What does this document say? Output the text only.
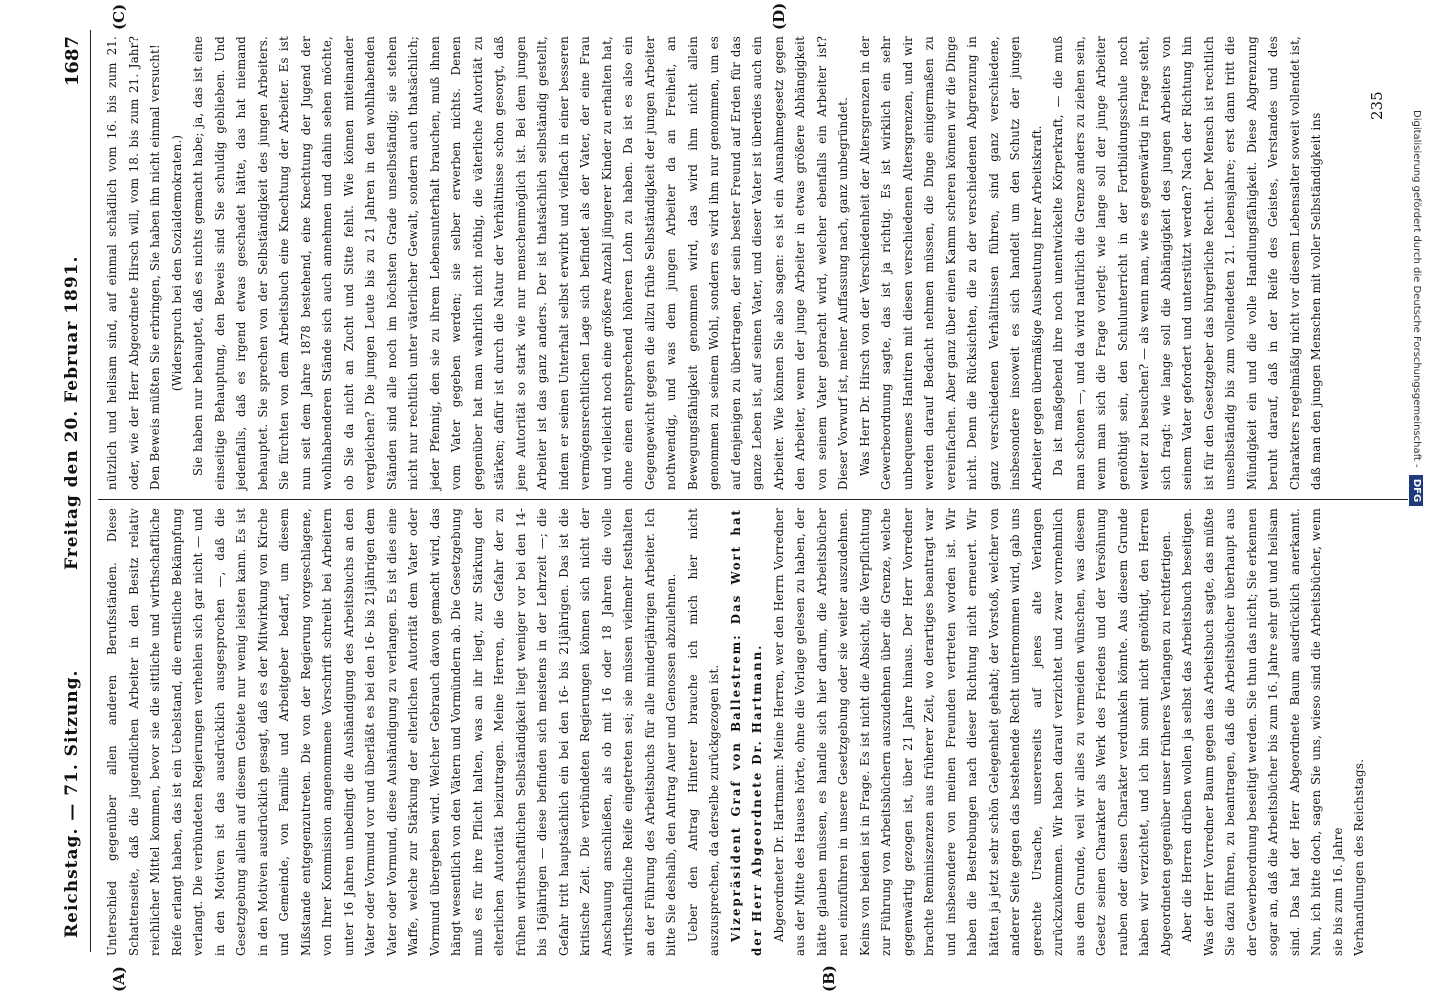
Reichstag. — 71. Sitzung.
Freitag den 20. Februar 1891.
1687
(A)	(B)
(C)	(D)

Unterschied gegenüber allen anderen Berufsständen. Diese Schattenseite, daß die jugendlichen Arbeiter in den Besitz relativ reichlicher Mittel kommen, bevor sie die sittliche und wirthschaftliche Reife erlangt haben, das ist ein Uebelstand, die ernstliche Bekämpfung verlangt. Die verbündeten Regierungen verhehlen sich gar nicht — und in den Motiven ist das ausdrücklich ausgesprochen —, daß die Gesetzgebung allein auf diesem Gebiete nur wenig leisten kann. Es ist in den Motiven ausdrücklich gesagt, daß es der Mitwirkung von Kirche und Gemeinde, von Familie und Arbeitgeber bedarf, um diesem Mißstande entgegenzutreten. Die von der Regierung vorgeschlagene, von Ihrer Kommission angenommene Vorschrift schreibt bei Arbeitern unter 16 Jahren unbedingt die Aushändigung des Arbeitsbuchs an den Vater oder Vormund vor und überläßt es bei den 16- bis 21jährigen dem Vater oder Vormund, diese Aushändigung zu verlangen. Es ist dies eine Waffe, welche zur Stärkung der elterlichen Autorität dem Vater oder Vormund übergeben wird. Welcher Gebrauch davon gemacht wird, das hängt wesentlich von den Vätern und Vormündern ab. Die Gesetzgebung muß es für ihre Pflicht halten, was an ihr liegt, zur Stärkung der elterlichen Autorität beizutragen. Meine Herren, die Gefahr der zu frühen wirthschaftlichen Selbständigkeit liegt weniger vor bei den 14- bis 16jährigen — diese befinden sich meistens in der Lehrzeit —; die Gefahr tritt hauptsächlich ein bei den 16- bis 21jährigen. Das ist die kritische Zeit. Die verbündeten Regierungen können sich nicht der Anschauung anschließen, als ob mit 16 oder 18 Jahren die volle wirthschaftliche Reife eingetreten sei; sie müssen vielmehr festhalten an der Führung des Arbeitsbuchs für alle minderjährigen Arbeiter. Ich bitte Sie deshalb, den Antrag Auer und Genossen abzulehnen. Ueber den Antrag Hinterer brauche ich mich hier nicht auszusprechen, da derselbe zurückgezogen ist. Vizepräsident Graf von Ballestrem: Das Wort hat der Herr Abgeordnete Dr. Hartmann. Abgeordneter Dr. Hartmann: Meine Herren, wer den Herrn Vorredner aus der Mitte des Hauses hörte, ohne die Vorlage gelesen zu haben, der hätte glauben müssen, es handle sich hier darum, die Arbeitsbücher neu einzuführen in unsere Gesetzgebung oder sie weiter auszudehnen. Keins von beiden ist in Frage. Es ist nicht die Absicht, die Verpflichtung zur Führung von Arbeitsbüchern auszudehnen über die Grenze, welche gegenwärtig gezogen ist, über 21 Jahre hinaus. Der Herr Vorredner brachte Reminiszenzen aus früherer Zeit, wo derartiges beantragt war und insbesondere von meinen Freunden vertreten worden ist. Wir haben die Bestrebungen nach dieser Richtung nicht erneuert. Wir hätten ja jetzt sehr schön Gelegenheit gehabt; der Vorstoß, welcher von anderer Seite gegen das bestehende Recht unternommen wird, gab uns gerechte Ursache, unsererseits auf jenes alte Verlangen zurückzukommen. Wir haben darauf verzichtet und zwar vornehmlich aus dem Grunde, weil wir alles zu vermeiden wünschen, was diesem Gesetz seinen Charakter als Werk des Friedens und der Versöhnung rauben oder diesen Charakter verdunkeln könnte. Aus diesem Grunde haben wir verzichtet, und ich bin somit nicht genöthigt, den Herren Abgeordneten gegenüber unser früheres Verlangen zu rechtfertigen. Aber die Herren drüben wollen ja selbst das Arbeitsbuch beseitigen. Was der Herr Vorredner Baum gegen das Arbeitsbuch sagte, das müßte Sie dazu führen, zu beantragen, daß die Arbeitsbücher überhaupt aus der Gewerbeordnung beseitigt werden. Sie thun das nicht; Sie erkennen sogar an, daß die Arbeitsbücher bis zum 16. Jahre sehr gut und heilsam sind. Das hat der Herr Abgeordnete Baum ausdrücklich anerkannt. Nun, ich bitte doch, sagen Sie uns, wieso sind die Arbeitsbücher, wenn sie bis zum 16. Jahre Verhandlungen des Reichstags.

nützlich und heilsam sind, auf einmal schädlich vom 16. bis zum 21. oder, wie der Herr Abgeordnete Hirsch will, vom 18. bis zum 21. Jahr? Den Beweis müßten Sie erbringen, Sie haben ihn nicht einmal versucht! (Widerspruch bei den Sozialdemokraten.) Sie haben nur behauptet, daß es nichts gemacht habe; ja, das ist eine einseitige Behauptung, den Beweis sind Sie schuldig geblieben. Und jedenfalls, daß es irgend etwas geschadet hätte, das hat niemand behauptet. Sie sprechen von der Selbständigkeit des jungen Arbeiters. Sie fürchten von dem Arbeitsbuch eine Knechtung der Arbeiter. Es ist nun seit dem Jahre 1878 bestehend, eine Knechtung der Jugend der wohlhabenderen Stände sich auch annehmen und dahin sehen möchte, ob Sie da nicht an Zucht und Sitte fehlt. Wie können miteinander vergleichen? Die jungen Leute bis zu 21 Jahren in den wohlhabenden Ständen sind alle noch im höchsten Grade unselbständig; sie stehen nicht nur rechtlich unter väterlicher Gewalt, sondern auch thatsächlich; jeder Pfennig, den sie zu ihrem Lebensunterhalt brauchen, muß ihnen vom Vater gegeben werden; sie selber erwerben nichts. Denen gegenüber hat man wahrlich nicht nöthig, die väterliche Autorität zu stärken; dafür ist durch die Natur der Verhältnisse schon gesorgt, daß jene Autorität so stark wie nur menschenmöglich ist. Bei dem jungen Arbeiter ist das ganz anders. Der ist thatsächlich selbständig gestellt, indem er seinen Unterhalt selbst erwirbt und vielfach in einer besseren vermögensrechtlichen Lage sich befindet als der Vater, der eine Frau und vielleicht noch eine größere Anzahl jüngerer Kinder zu erhalten hat, ohne einen entsprechend höheren Lohn zu haben. Da ist es also ein Gegengewicht gegen die allzu frühe Selbständigkeit der jungen Arbeiter nothwendig, und was dem jungen Arbeiter da an Freiheit, an Bewegungsfähigkeit genommen wird, das wird ihm nicht allein genommen zu seinem Wohl, sondern es wird ihm nur genommen, um es auf denjenigen zu übertragen, der sein bester Freund auf Erden für das ganze Leben ist, auf seinen Vater, und dieser Vater ist überdies auch ein Arbeiter. Wie können Sie also sagen: es ist ein Ausnahmegesetz gegen den Arbeiter, wenn der junge Arbeiter in etwas größere Abhängigkeit von seinem Vater gebracht wird, welcher ebenfalls ein Arbeiter ist? Dieser Vorwurf ist, meiner Auffassung nach, ganz unbegründet. Was Herr Dr. Hirsch von der Verschiedenheit der Altersgrenzen in der Gewerbeordnung sagte, das ist ja richtig. Es ist wirklich ein sehr unbequemes Hantiren mit diesen verschiedenen Altersgrenzen, und wir werden darauf Bedacht nehmen müssen, die Dinge einigermaßen zu vereinfachen. Aber ganz über einen Kamm scheren können wir die Dinge nicht. Denn die Rücksichten, die zu der verschiedenen Abgrenzung in ganz verschiedenen Verhältnissen führen, sind ganz verschiedene, insbesondere insoweit es sich handelt um den Schutz der jungen Arbeiter gegen übermäßige Ausbeutung ihrer Arbeitskraft. Da ist maßgebend ihre noch unentwickelte Körperkraft, — die muß man schonen —, und da wird natürlich die Grenze anders zu ziehen sein, wenn man sich die Frage vorlegt: wie lange soll der junge Arbeiter genöthigt sein, den Schulunterricht in der Fortbildungsschule noch weiter zu besuchen? — als wenn man, wie es gegenwärtig in Frage steht, sich fragt: wie lange soll die Abhängigkeit des jungen Arbeiters von seinem Vater gefordert und unterstützt werden? Nach der Richtung hin ist für den Gesetzgeber das bürgerliche Recht. Der Mensch ist rechtlich unselbständig bis zum vollendeten 21. Lebensjahre; erst dann tritt die Mündigkeit ein und die volle Handlungsfähigkeit. Diese Abgrenzung beruht darauf, daß in der Reife des Geistes, Verstandes und des Charakters regelmäßig nicht vor diesem Lebensalter soweit vollendet ist, daß man den jungen Menschen mit voller Selbständigkeit ins

235
Digitalisierung gefördert durch die Deutsche Forschungsgemeinschaft - DFG
